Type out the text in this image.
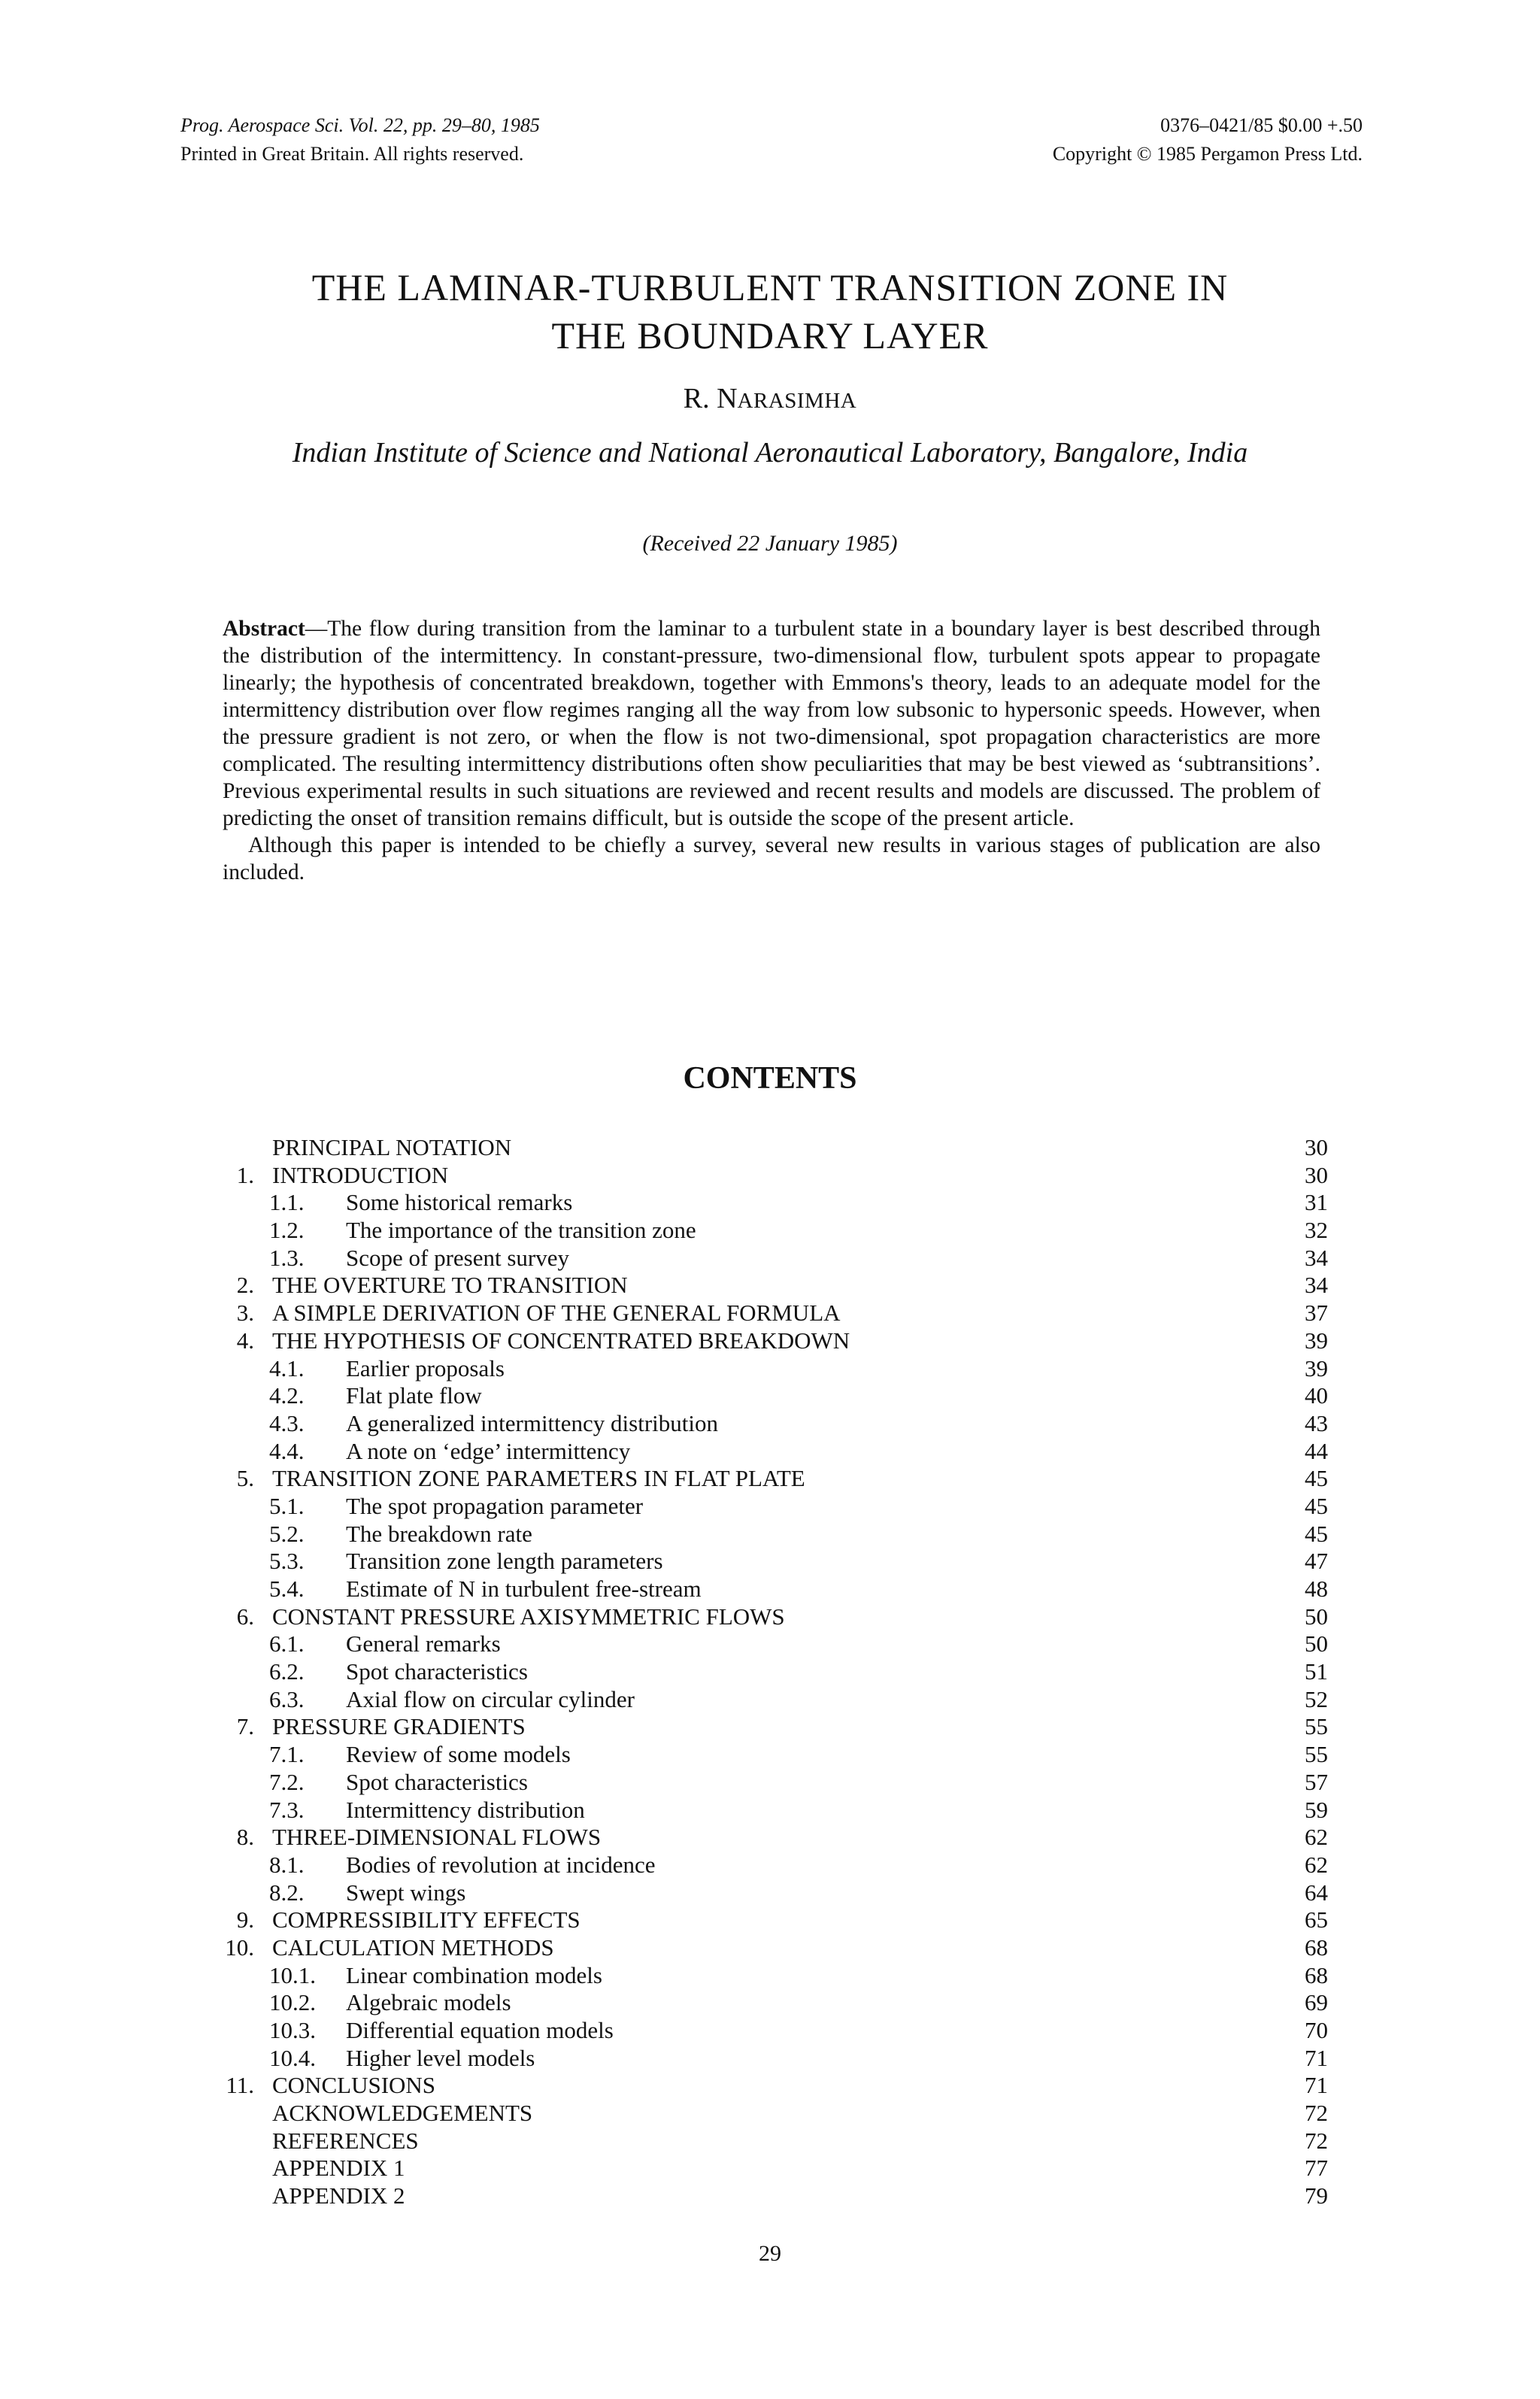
Prog. Aerospace Sci. Vol. 22, pp. 29–80, 1985
Printed in Great Britain. All rights reserved.
0376–0421/85 $0.00 +.50
Copyright © 1985 Pergamon Press Ltd.
THE LAMINAR-TURBULENT TRANSITION ZONE IN
THE BOUNDARY LAYER
R. NARASIMHA
Indian Institute of Science and National Aeronautical Laboratory, Bangalore, India
(Received 22 January 1985)

Abstract—The flow during transition from the laminar to a turbulent state in a boundary layer is best described through the distribution of the intermittency. In constant-pressure, two-dimensional flow, turbulent spots appear to propagate linearly; the hypothesis of concentrated breakdown, together with Emmons's theory, leads to an adequate model for the intermittency distribution over flow regimes ranging all the way from low subsonic to hypersonic speeds. However, when the pressure gradient is not zero, or when the flow is not two-dimensional, spot propagation characteristics are more complicated. The resulting intermittency distributions often show peculiarities that may be best viewed as ‘subtransitions’. Previous experimental results in such situations are reviewed and recent results and models are discussed. The problem of predicting the onset of transition remains difficult, but is outside the scope of the present article.

Although this paper is intended to be chiefly a survey, several new results in various stages of publication are also included.

CONTENTS
PRINCIPAL NOTATION	30
1. INTRODUCTION	30
1.1. Some historical remarks	31
1.2. The importance of the transition zone	32
1.3. Scope of present survey	34
2. THE OVERTURE TO TRANSITION	34
3. A SIMPLE DERIVATION OF THE GENERAL FORMULA	37
4. THE HYPOTHESIS OF CONCENTRATED BREAKDOWN	39
4.1. Earlier proposals	39
4.2. Flat plate flow	40
4.3. A generalized intermittency distribution	43
4.4. A note on ‘edge’ intermittency	44
5. TRANSITION ZONE PARAMETERS IN FLAT PLATE	45
5.1. The spot propagation parameter	45
5.2. The breakdown rate	45
5.3. Transition zone length parameters	47
5.4. Estimate of N in turbulent free-stream	48
6. CONSTANT PRESSURE AXISYMMETRIC FLOWS	50
6.1. General remarks	50
6.2. Spot characteristics	51
6.3. Axial flow on circular cylinder	52
7. PRESSURE GRADIENTS	55
7.1. Review of some models	55
7.2. Spot characteristics	57
7.3. Intermittency distribution	59
8. THREE-DIMENSIONAL FLOWS	62
8.1. Bodies of revolution at incidence	62
8.2. Swept wings	64
9. COMPRESSIBILITY EFFECTS	65
10. CALCULATION METHODS	68
10.1. Linear combination models	68
10.2. Algebraic models	69
10.3. Differential equation models	70
10.4. Higher level models	71
11. CONCLUSIONS	71
ACKNOWLEDGEMENTS	72
REFERENCES	72
APPENDIX 1	77
APPENDIX 2	79
29
